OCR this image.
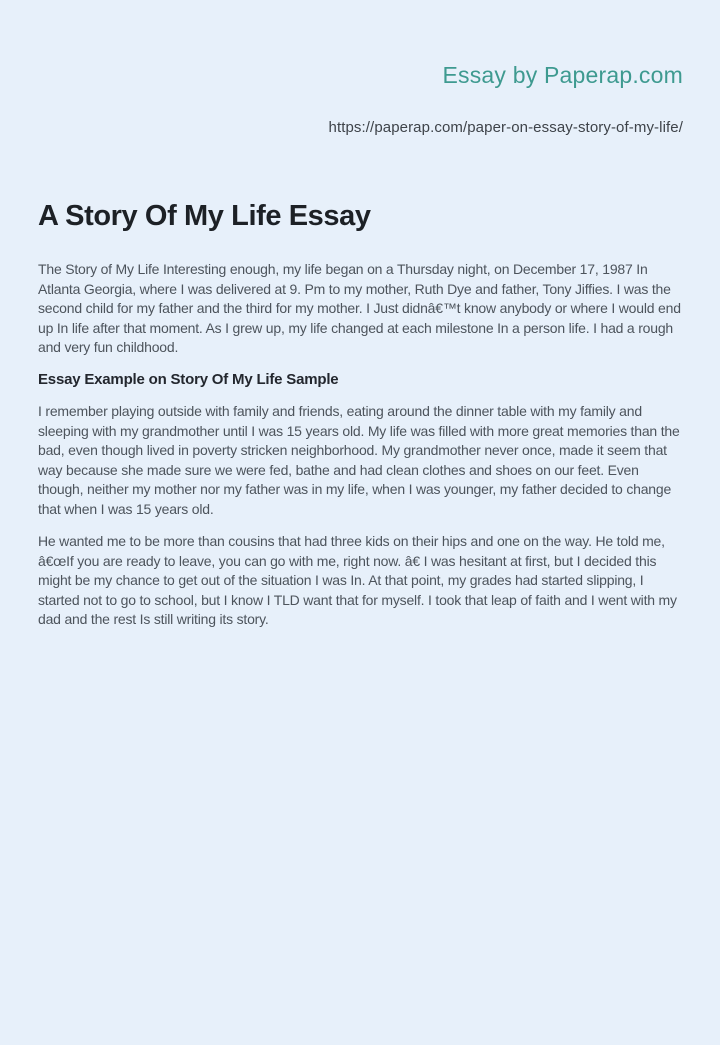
Essay by Paperap.com
https://paperap.com/paper-on-essay-story-of-my-life/
A Story Of My Life Essay

The Story of My Life Interesting enough, my life began on a Thursday night, on December 17, 1987 In Atlanta Georgia, where I was delivered at 9. Pm to my mother, Ruth Dye and father, Tony Jiffies. I was the second child for my father and the third for my mother. I Just didnâ€™t know anybody or where I would end up In life after that moment. As I grew up, my life changed at each milestone In a person life. I had a rough and very fun childhood.

Essay Example on Story Of My Life Sample

I remember playing outside with family and friends, eating around the dinner table with my family and sleeping with my grandmother until I was 15 years old. My life was filled with more great memories than the bad, even though lived in poverty stricken neighborhood. My grandmother never once, made it seem that way because she made sure we were fed, bathe and had clean clothes and shoes on our feet. Even though, neither my mother nor my father was in my life, when I was younger, my father decided to change that when I was 15 years old.

He wanted me to be more than cousins that had three kids on their hips and one on the way. He told me, â€œIf you are ready to leave, you can go with me, right now. â€ I was hesitant at first, but I decided this might be my chance to get out of the situation I was In. At that point, my grades had started slipping, I started not to go to school, but I know I TLD want that for myself. I took that leap of faith and I went with my dad and the rest Is still writing its story.
